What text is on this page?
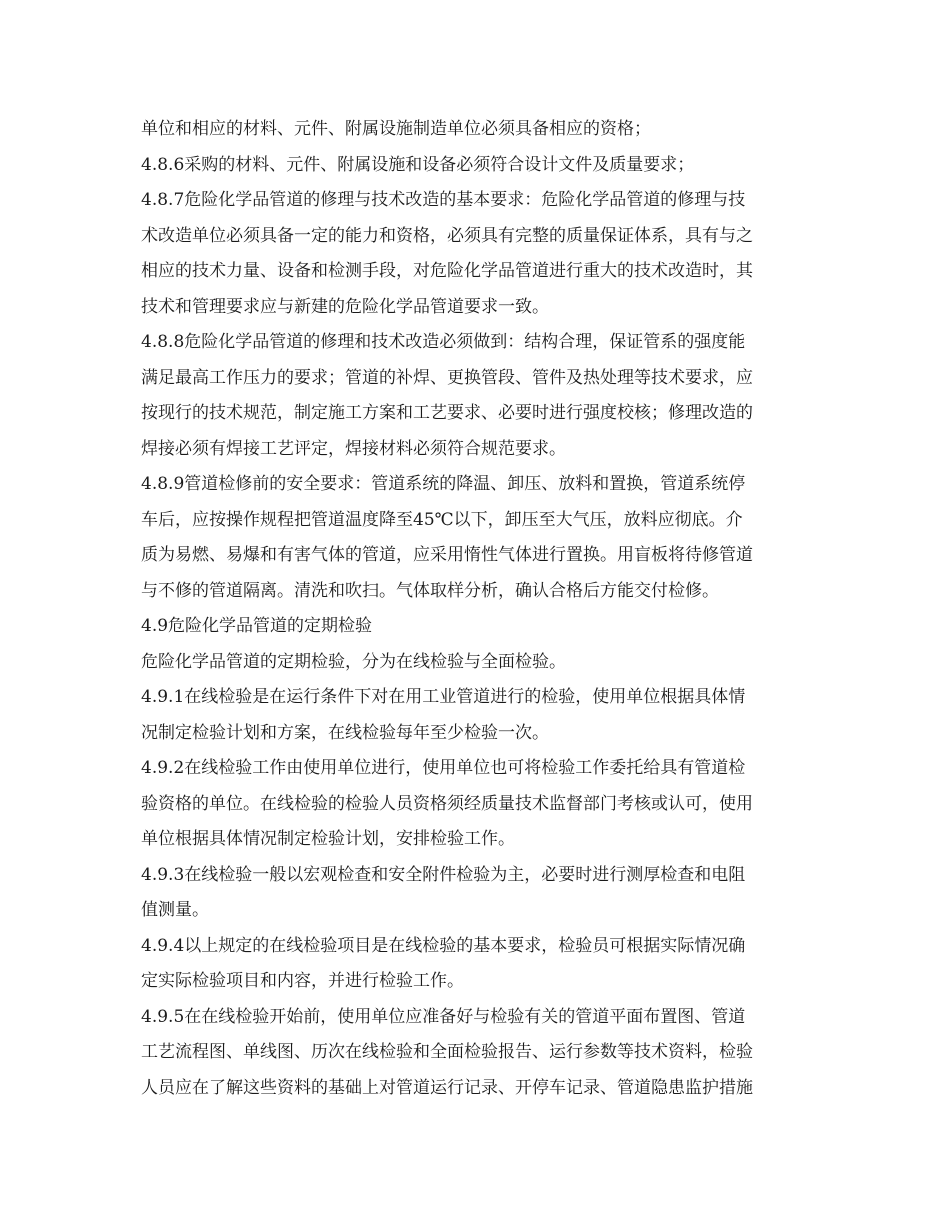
单位和相应的材料、元件、附属设施制造单位必须具备相应的资格；
4.8.6采购的材料、元件、附属设施和设备必须符合设计文件及质量要求；
4.8.7危险化学品管道的修理与技术改造的基本要求：危险化学品管道的修理与技
术改造单位必须具备一定的能力和资格，必须具有完整的质量保证体系，具有与之
相应的技术力量、设备和检测手段，对危险化学品管道进行重大的技术改造时，其
技术和管理要求应与新建的危险化学品管道要求一致。
4.8.8危险化学品管道的修理和技术改造必须做到：结构合理，保证管系的强度能
满足最高工作压力的要求；管道的补焊、更换管段、管件及热处理等技术要求，应
按现行的技术规范，制定施工方案和工艺要求、必要时进行强度校核；修理改造的
焊接必须有焊接工艺评定，焊接材料必须符合规范要求。
4.8.9管道检修前的安全要求：管道系统的降温、卸压、放料和置换，管道系统停
车后，应按操作规程把管道温度降至45℃以下，卸压至大气压，放料应彻底。介
质为易燃、易爆和有害气体的管道，应采用惰性气体进行置换。用盲板将待修管道
与不修的管道隔离。清洗和吹扫。气体取样分析，确认合格后方能交付检修。
4.9危险化学品管道的定期检验
危险化学品管道的定期检验，分为在线检验与全面检验。
4.9.1在线检验是在运行条件下对在用工业管道进行的检验，使用单位根据具体情
况制定检验计划和方案，在线检验每年至少检验一次。
4.9.2在线检验工作由使用单位进行，使用单位也可将检验工作委托给具有管道检
验资格的单位。在线检验的检验人员资格须经质量技术监督部门考核或认可，使用
单位根据具体情况制定检验计划，安排检验工作。
4.9.3在线检验一般以宏观检查和安全附件检验为主，必要时进行测厚检查和电阻
值测量。
4.9.4以上规定的在线检验项目是在线检验的基本要求，检验员可根据实际情况确
定实际检验项目和内容，并进行检验工作。
4.9.5在在线检验开始前，使用单位应准备好与检验有关的管道平面布置图、管道
工艺流程图、单线图、历次在线检验和全面检验报告、运行参数等技术资料，检验
人员应在了解这些资料的基础上对管道运行记录、开停车记录、管道隐患监护措施
